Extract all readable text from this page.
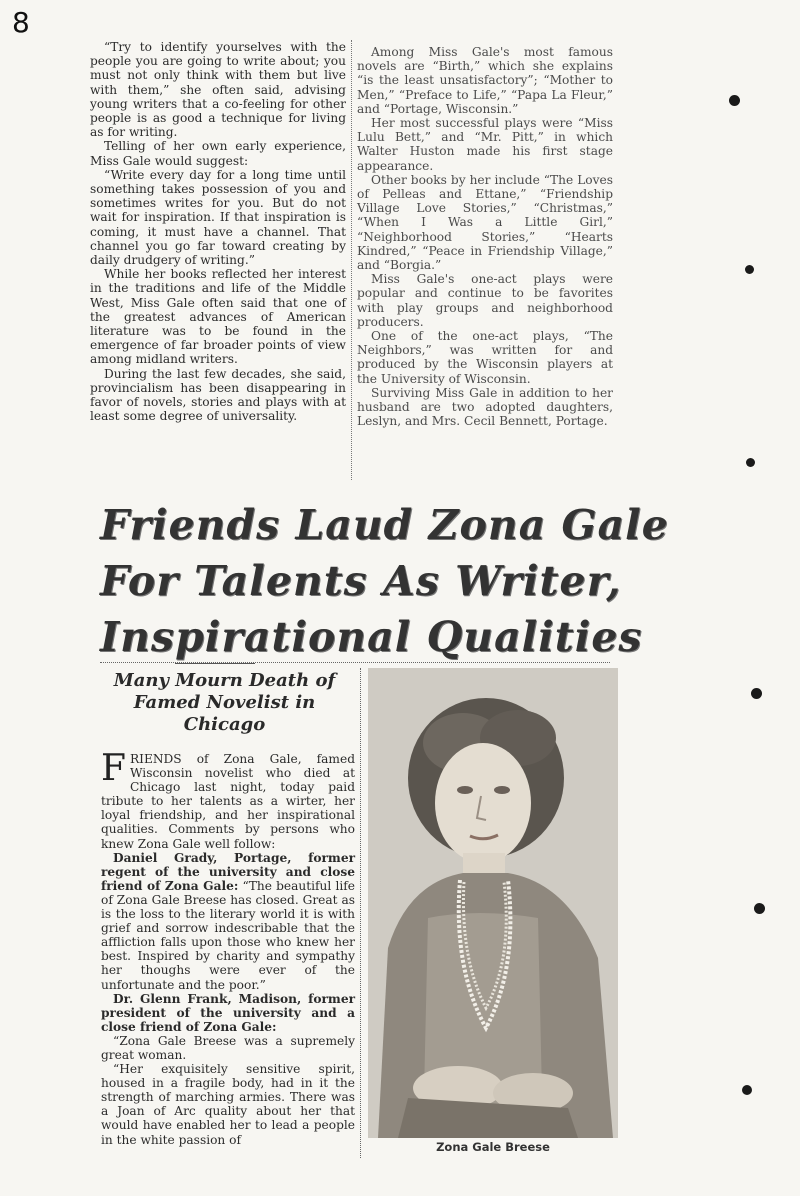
8

“Try to identify yourselves with the people you are going to write about; you must not only think with them but live with them,” she often said, advising young writers that a co-feeling for other people is as good a technique for living as for writing.

Telling of her own early experience, Miss Gale would suggest:

“Write every day for a long time until something takes possession of you and sometimes writes for you. But do not wait for inspiration. If that inspiration is coming, it must have a channel. That channel you go far toward creating by daily drudgery of writing.”

While her books reflected her interest in the traditions and life of the Middle West, Miss Gale often said that one of the greatest advances of American literature was to be found in the emergence of far broader points of view among midland writers.

During the last few decades, she said, provincialism has been disappearing in favor of novels, stories and plays with at least some degree of universality.

Among Miss Gale's most famous novels are “Birth,” which she explains “is the least unsatisfactory”; “Mother to Men,” “Preface to Life,” “Papa La Fleur,” and “Portage, Wisconsin.”

Her most successful plays were “Miss Lulu Bett,” and “Mr. Pitt,” in which Walter Huston made his first stage appearance.

Other books by her include “The Loves of Pelleas and Ettane,” “Friendship Village Love Stories,” “Christmas,” “When I Was a Little Girl,” “Neighborhood Stories,” “Hearts Kindred,” “Peace in Friendship Village,” and “Borgia.”

Miss Gale's one-act plays were popular and continue to be favorites with play groups and neighborhood producers.

One of the one-act plays, “The Neighbors,” was written for and produced by the Wisconsin players at the University of Wisconsin.

Surviving Miss Gale in addition to her husband are two adopted daughters, Leslyn, and Mrs. Cecil Bennett, Portage.

Friends Laud Zona Gale
For Talents As Writer,
Inspirational Qualities
Many Mourn Death of Famed Novelist in Chicago

FRIENDS of Zona Gale, famed Wisconsin novelist who died at Chicago last night, today paid tribute to her talents as a wirter, her loyal friendship, and her inspirational qualities. Comments by persons who knew Zona Gale well follow:

Daniel Grady, Portage, former regent of the university and close friend of Zona Gale: “The beautiful life of Zona Gale Breese has closed. Great as is the loss to the literary world it is with grief and sorrow indescribable that the affliction falls upon those who knew her best. Inspired by charity and sympathy her thoughs were ever of the unfortunate and the poor.”

Dr. Glenn Frank, Madison, former president of the university and a close friend of Zona Gale:

“Zona Gale Breese was a supremely great woman.

“Her exquisitely sensitive spirit, housed in a fragile body, had in it the strength of marching armies. There was a Joan of Arc quality about her that would have enabled her to lead a people in the white passion of

Zona Gale Breese
